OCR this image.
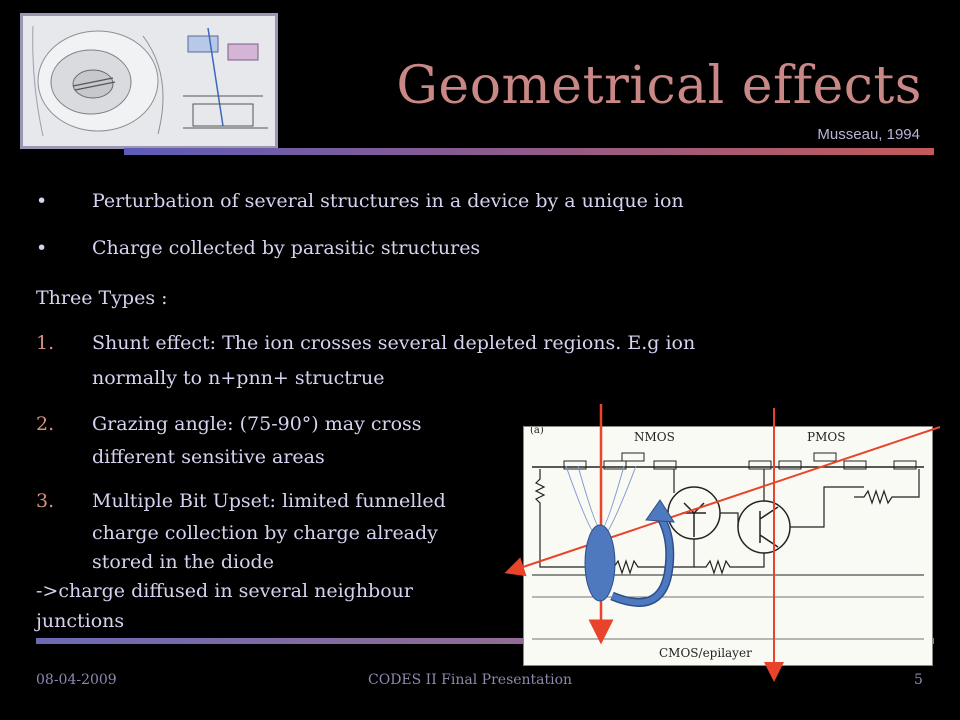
Geometrical effects
Musseau, 1994
• Perturbation of several structures in a device by a unique ion
• Charge collected by parasitic structures
Three Types :
1. Shunt effect: The ion crosses several depleted regions. E.g ion
normally to n+pnn+ structrue
2. Grazing angle: (75-90°) may cross
different sensitive areas
3. Multiple Bit Upset: limited funnelled
charge collection by charge already
stored in the diode
->charge diffused in several neighbour
junctions
(a)	NMOS	PMOS
CMOS/epilayer
08-04-2009	CODES II Final Presentation	5
